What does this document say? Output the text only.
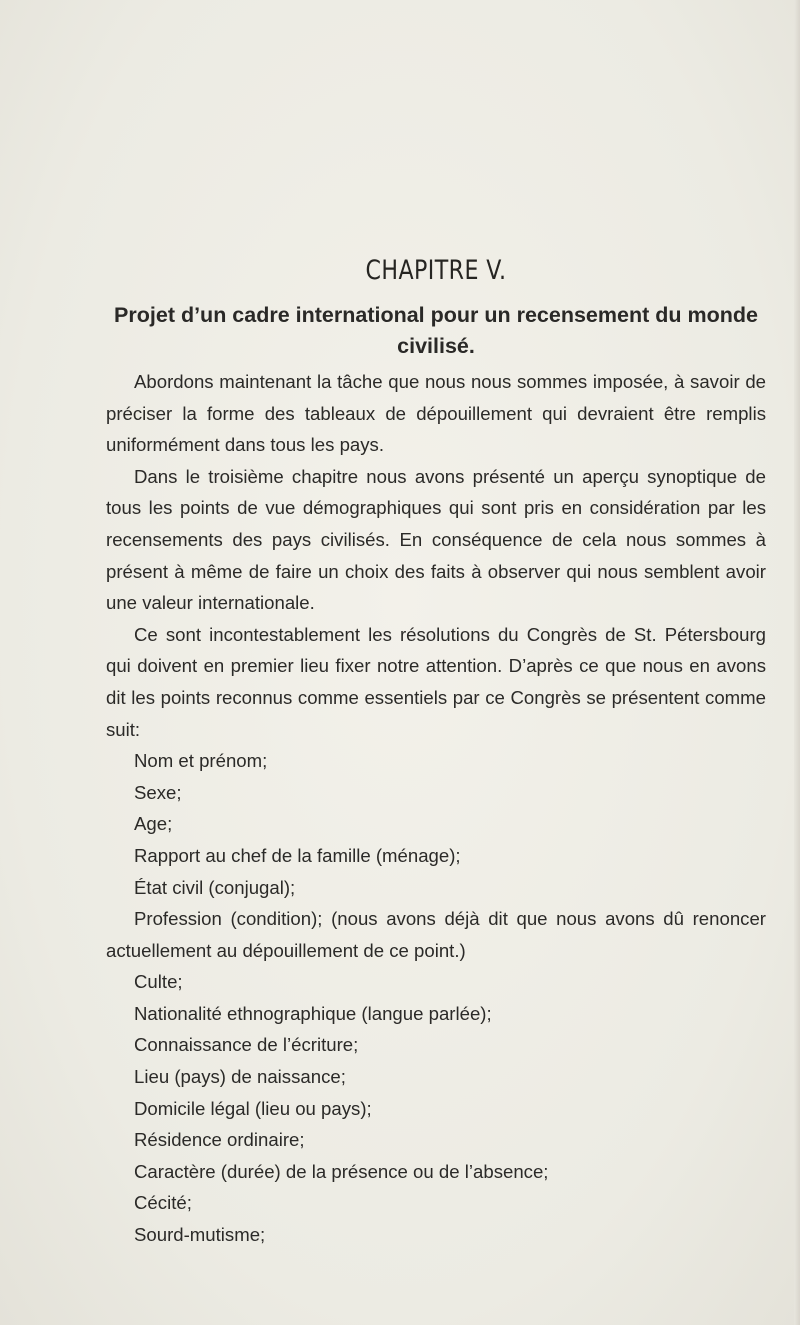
CHAPITRE V.
Projet d’un cadre international pour un recensement du monde civilisé.

Abordons maintenant la tâche que nous nous sommes imposée, à savoir de préciser la forme des tableaux de dépouillement qui devraient être remplis uniformément dans tous les pays.

Dans le troisième chapitre nous avons présenté un aperçu synoptique de tous les points de vue démographiques qui sont pris en considération par les recensements des pays civilisés. En conséquence de cela nous sommes à présent à même de faire un choix des faits à observer qui nous semblent avoir une valeur internationale.

Ce sont incontestablement les résolutions du Congrès de St. Pétersbourg qui doivent en premier lieu fixer notre attention. D’après ce que nous en avons dit les points reconnus comme essentiels par ce Congrès se présentent comme suit:

Nom et prénom;

Sexe;

Age;

Rapport au chef de la famille (ménage);

État civil (conjugal);

Profession (condition); (nous avons déjà dit que nous avons dû renoncer actuellement au dépouillement de ce point.)

Culte;

Nationalité ethnographique (langue parlée);

Connaissance de l’écriture;

Lieu (pays) de naissance;

Domicile légal (lieu ou pays);

Résidence ordinaire;

Caractère (durée) de la présence ou de l’absence;

Cécité;

Sourd-mutisme;
